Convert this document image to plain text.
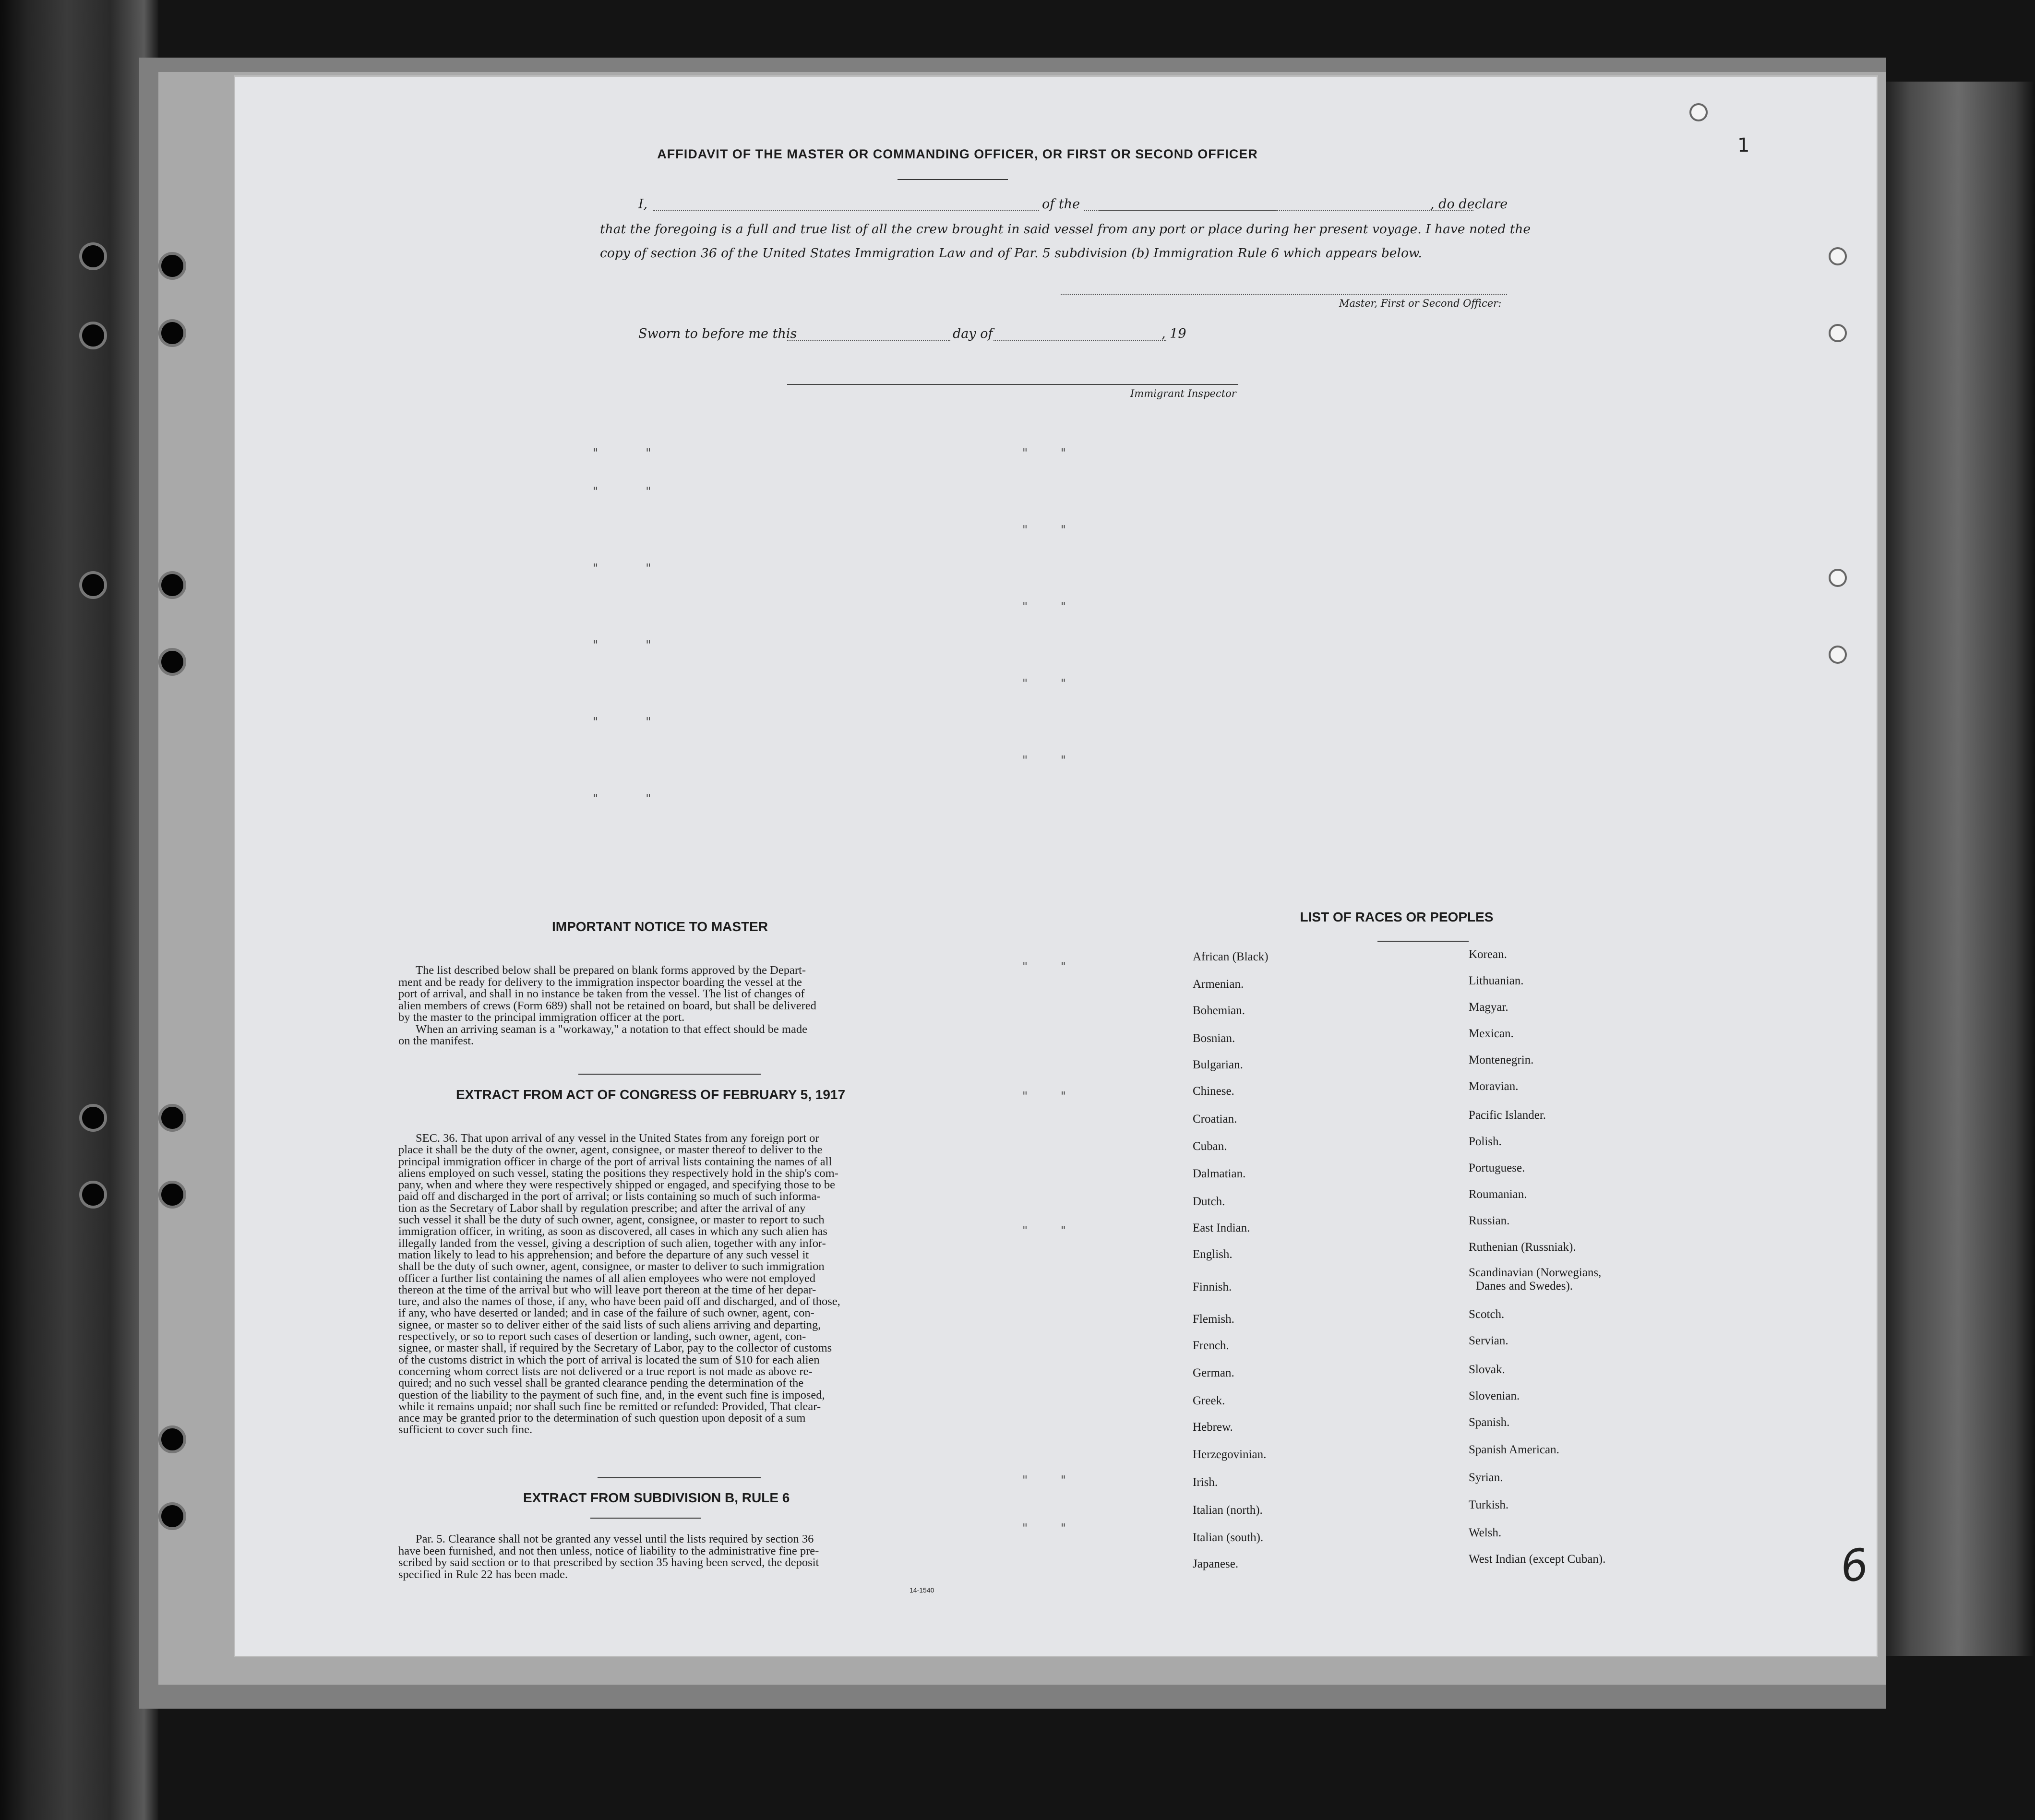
1
6
AFFIDAVIT OF THE MASTER OR COMMANDING OFFICER, OR FIRST OR SECOND OFFICER
I,	of the	, do declare
that the foregoing is a full and true list of all the crew brought in said vessel from any port or place during her present voyage. I have noted the
copy of section 36 of the United States Immigration Law and of Par. 5 subdivision (b) Immigration Rule 6 which appears below.
Master, First or Second Officer:
Sworn to before me this	day of	, 19
Immigrant Inspector
"             "
"             "
"             "
"             "
"             "
"             "
"         "
"         "
"         "
"         "
"         "
"         "
"         "
"         "
"         "
"         "
IMPORTANT NOTICE TO MASTER
The list described below shall be prepared on blank forms approved by the Depart-
ment and be ready for delivery to the immigration inspector boarding the vessel at the
port of arrival, and shall in no instance be taken from the vessel. The list of changes of
alien members of crews (Form 689) shall not be retained on board, but shall be delivered
by the master to the principal immigration officer at the port.
When an arriving seaman is a "workaway," a notation to that effect should be made
on the manifest.
EXTRACT FROM ACT OF CONGRESS OF FEBRUARY 5, 1917
SEC. 36. That upon arrival of any vessel in the United States from any foreign port or
place it shall be the duty of the owner, agent, consignee, or master thereof to deliver to the
principal immigration officer in charge of the port of arrival lists containing the names of all
aliens employed on such vessel, stating the positions they respectively hold in the ship's com-
pany, when and where they were respectively shipped or engaged, and specifying those to be
paid off and discharged in the port of arrival; or lists containing so much of such informa-
tion as the Secretary of Labor shall by regulation prescribe; and after the arrival of any
such vessel it shall be the duty of such owner, agent, consignee, or master to report to such
immigration officer, in writing, as soon as discovered, all cases in which any such alien has
illegally landed from the vessel, giving a description of such alien, together with any infor-
mation likely to lead to his apprehension; and before the departure of any such vessel it
shall be the duty of such owner, agent, consignee, or master to deliver to such immigration
officer a further list containing the names of all alien employees who were not employed
thereon at the time of the arrival but who will leave port thereon at the time of her depar-
ture, and also the names of those, if any, who have been paid off and discharged, and of those,
if any, who have deserted or landed; and in case of the failure of such owner, agent, con-
signee, or master so to deliver either of the said lists of such aliens arriving and departing,
respectively, or so to report such cases of desertion or landing, such owner, agent, con-
signee, or master shall, if required by the Secretary of Labor, pay to the collector of customs
of the customs district in which the port of arrival is located the sum of $10 for each alien
concerning whom correct lists are not delivered or a true report is not made as above re-
quired; and no such vessel shall be granted clearance pending the determination of the
question of the liability to the payment of such fine, and, in the event such fine is imposed,
while it remains unpaid; nor shall such fine be remitted or refunded: Provided, That clear-
ance may be granted prior to the determination of such question upon deposit of a sum
sufficient to cover such fine.
EXTRACT FROM SUBDIVISION B, RULE 6
Par. 5. Clearance shall not be granted any vessel until the lists required by section 36
have been furnished, and not then unless, notice of liability to the administrative fine pre-
scribed by said section or to that prescribed by section 35 having been served, the deposit
specified in Rule 22 has been made.
14-1540
LIST OF RACES OR PEOPLES
African (Black)
Armenian.
Bohemian.
Bosnian.
Bulgarian.
Chinese.
Croatian.
Cuban.
Dalmatian.
Dutch.
East Indian.
English.
Finnish.
Flemish.
French.
German.
Greek.
Hebrew.
Herzegovinian.
Irish.
Italian (north).
Italian (south).
Japanese.
Korean.
Lithuanian.
Magyar.
Mexican.
Montenegrin.
Moravian.
Pacific Islander.
Polish.
Portuguese.
Roumanian.
Russian.
Ruthenian (Russniak).
Scandinavian (Norwegians,
Danes and Swedes).
Scotch.
Servian.
Slovak.
Slovenian.
Spanish.
Spanish American.
Syrian.
Turkish.
Welsh.
West Indian (except Cuban).
